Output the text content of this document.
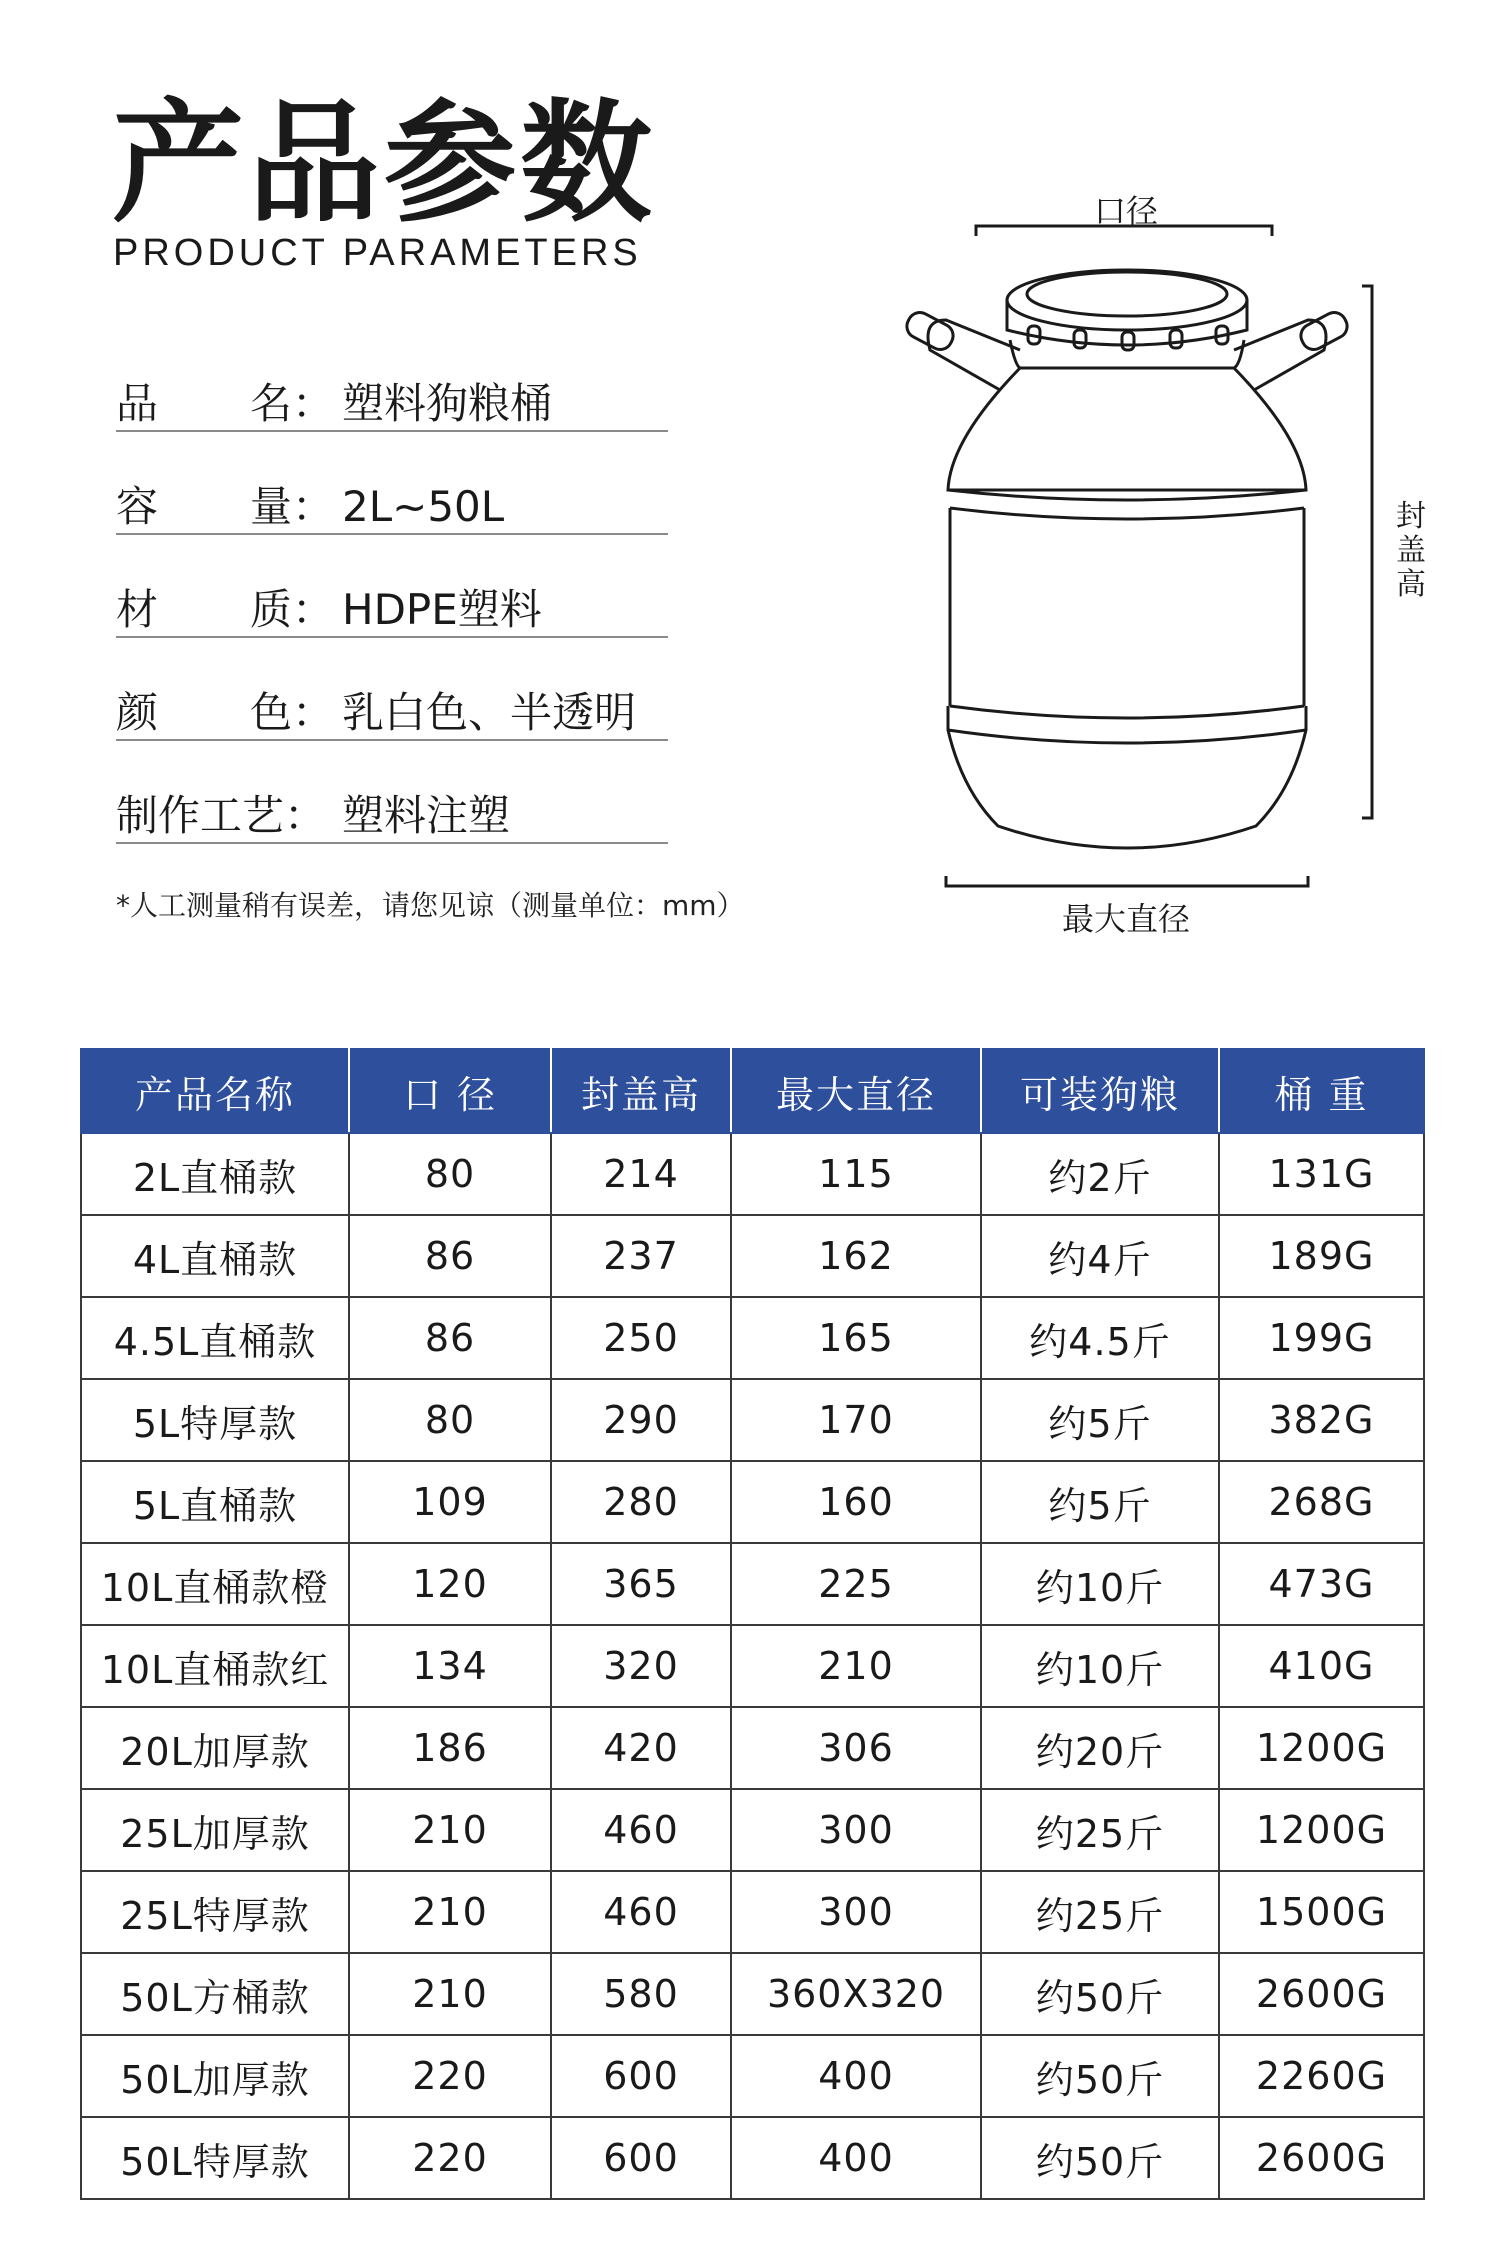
产品参数
PRODUCT PARAMETERS
品 名： 塑料狗粮桶
容 量： 2L~50L
材 质： HDPE塑料
颜 色： 乳白色、半透明
制作工艺： 塑料注塑
*人工测量稍有误差，请您见谅（测量单位：mm）
口径
封盖高
最大直径
产品名称	口 径	封盖高	最大直径	可装狗粮	桶 重
2L直桶款	80	214	115	约2斤	131G
4L直桶款	86	237	162	约4斤	189G
4.5L直桶款	86	250	165	约4.5斤	199G
5L特厚款	80	290	170	约5斤	382G
5L直桶款	109	280	160	约5斤	268G
10L直桶款橙	120	365	225	约10斤	473G
10L直桶款红	134	320	210	约10斤	410G
20L加厚款	186	420	306	约20斤	1200G
25L加厚款	210	460	300	约25斤	1200G
25L特厚款	210	460	300	约25斤	1500G
50L方桶款	210	580	360X320	约50斤	2600G
50L加厚款	220	600	400	约50斤	2260G
50L特厚款	220	600	400	约50斤	2600G
